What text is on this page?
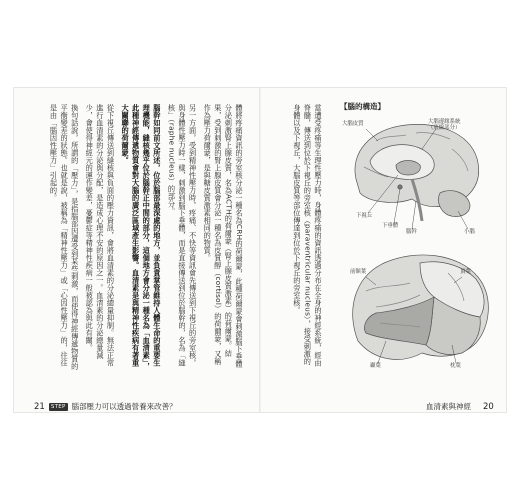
體將疼痛資訊的旁室核分泌一種名為CRH的荷爾蒙，此種荷爾蒙會刺激腦下垂體分泌刺激腎上腺皮質，名為ACTH的荷爾蒙（腎上腺皮質激素）的荷爾蒙。結果，受到刺激的腎上腺皮質會分泌一種名為皮質醇（cortisol）的荷爾蒙，又稱作為壓力荷爾蒙，是與糖皮質激素相同的物質。

另一方面，受到精神性壓力時，疼痛、不快等資訊會先傳送到下視丘的旁室核，與身體性壓力時一樣，刺激到腦下垂體，而是直接傳送到位於腦幹的，名為「縫核」（raphe nucleus）的部分。

腦幹如同前文所述，位於腦部最深處的地方，並負責掌管維持人體生命的重要生理機能，縫核幾乎位於腦幹正中間的部分，這個地方會分泌一種名為「血清素」，此種神經傳遞物質會對大腦的廣泛區域產生影響。血清素是與精神性疾病有著重大關聯的荷爾蒙。

從下視丘傳送到縫核與負面的壓力資訊，會將血清素的分泌總量抑制。無法正常進行血清素的分泌與分配，是造成心理不安的原因之一。血清素的分泌總量減少，會使得神經元的運作變差，憂鬱症等精神性疾病一般被認為與此有關。

換句話說，所謂的「壓力」，是指腦部因遭受到某些刺激，而使得神經傳遞物質的平衡變差的狀態。也就是說，被稱為「精神性壓力」或「心因性壓力」的，往往是由「腦因性壓力」引起的。	當遭受疼痛等生理性壓力時，身體疼痛的資訊透過分布在全身的神經系統，經由脊髓，傳送到位於下視丘的旁室核（paraventricular nucleus），接受刺激的身體以及下視丘，大腦皮質等部位傳達到位於下視丘的旁室核。	【腦的構造】
大腦皮質	大腦邊緣系統
（底線部分）
下視丘
下垂體
腦幹	小腦
前額葉	頂葉
顳葉	枕葉
21	STEP 腦部壓力可以透過營養來改善？	血清素與神經 20
